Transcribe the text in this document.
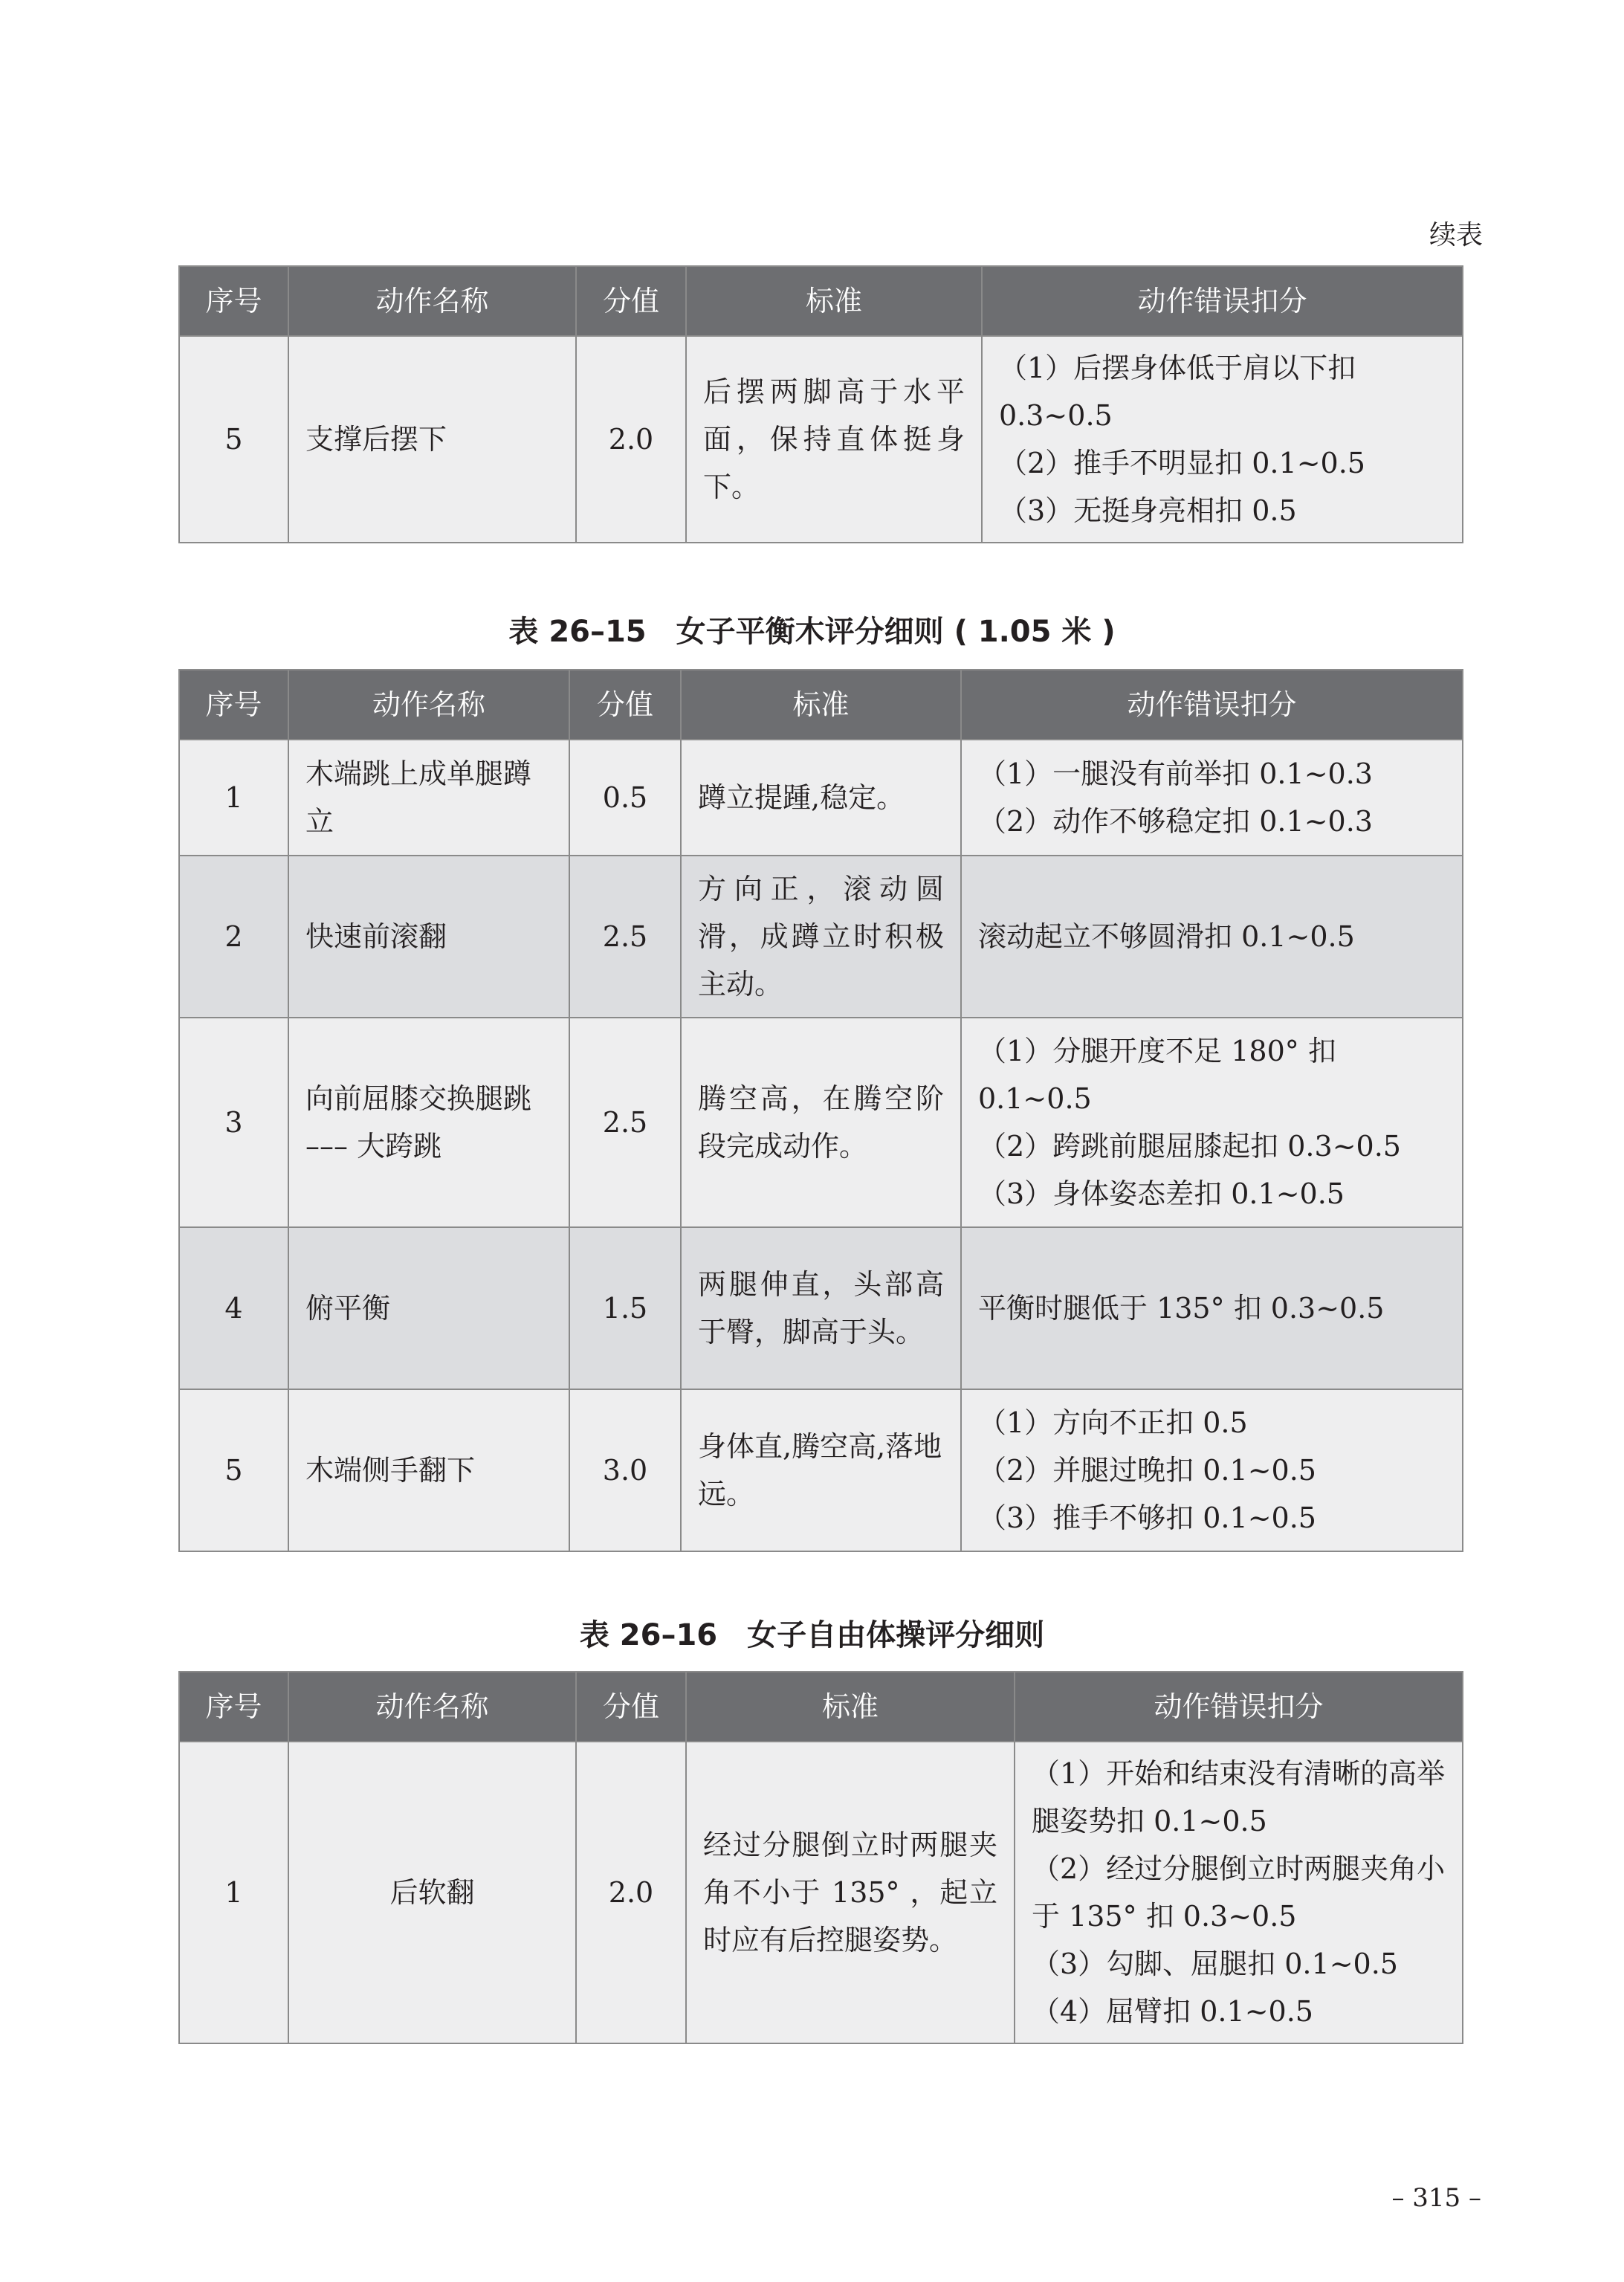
续表
序号	动作名称	分值	标准	动作错误扣分
5	支撑后摆下	2.0	后摆两脚高于水平面，保持直体挺身下。	（1）后摆身体低于肩以下扣 0.3~0.5
（2）推手不明显扣 0.1~0.5
（3）无挺身亮相扣 0.5
表 26–15　女子平衡木评分细则 ( 1.05 米 )
序号	动作名称	分值	标准	动作错误扣分
1	木端跳上成单腿蹲立	0.5	蹲立提踵,稳定。	（1）一腿没有前举扣 0.1~0.3
（2）动作不够稳定扣 0.1~0.3

2	快速前滚翻	2.5	方向正，滚动圆滑，成蹲立时积极主动。	滚动起立不够圆滑扣 0.1~0.5

3	向前屈膝交换腿跳 ––– 大跨跳	2.5	腾空高，在腾空阶段完成动作。	（1）分腿开度不足 180° 扣 0.1~0.5
（2）跨跳前腿屈膝起扣 0.3~0.5
（3）身体姿态差扣 0.1~0.5

4	俯平衡	1.5	两腿伸直，头部高于臀，脚高于头。	平衡时腿低于 135° 扣 0.3~0.5

5	木端侧手翻下	3.0	身体直,腾空高,落地远。	（1）方向不正扣 0.5
（2）并腿过晚扣 0.1~0.5
（3）推手不够扣 0.1~0.5
表 26–16　女子自由体操评分细则
序号	动作名称	分值	标准	动作错误扣分
1	后软翻	2.0	经过分腿倒立时两腿夹角不小于 135° ，起立时应有后控腿姿势。	（1）开始和结束没有清晰的高举腿姿势扣 0.1~0.5
（2）经过分腿倒立时两腿夹角小于 135° 扣 0.3~0.5
（3）勾脚、屈腿扣 0.1~0.5
（4）屈臂扣 0.1~0.5
– 315 –
